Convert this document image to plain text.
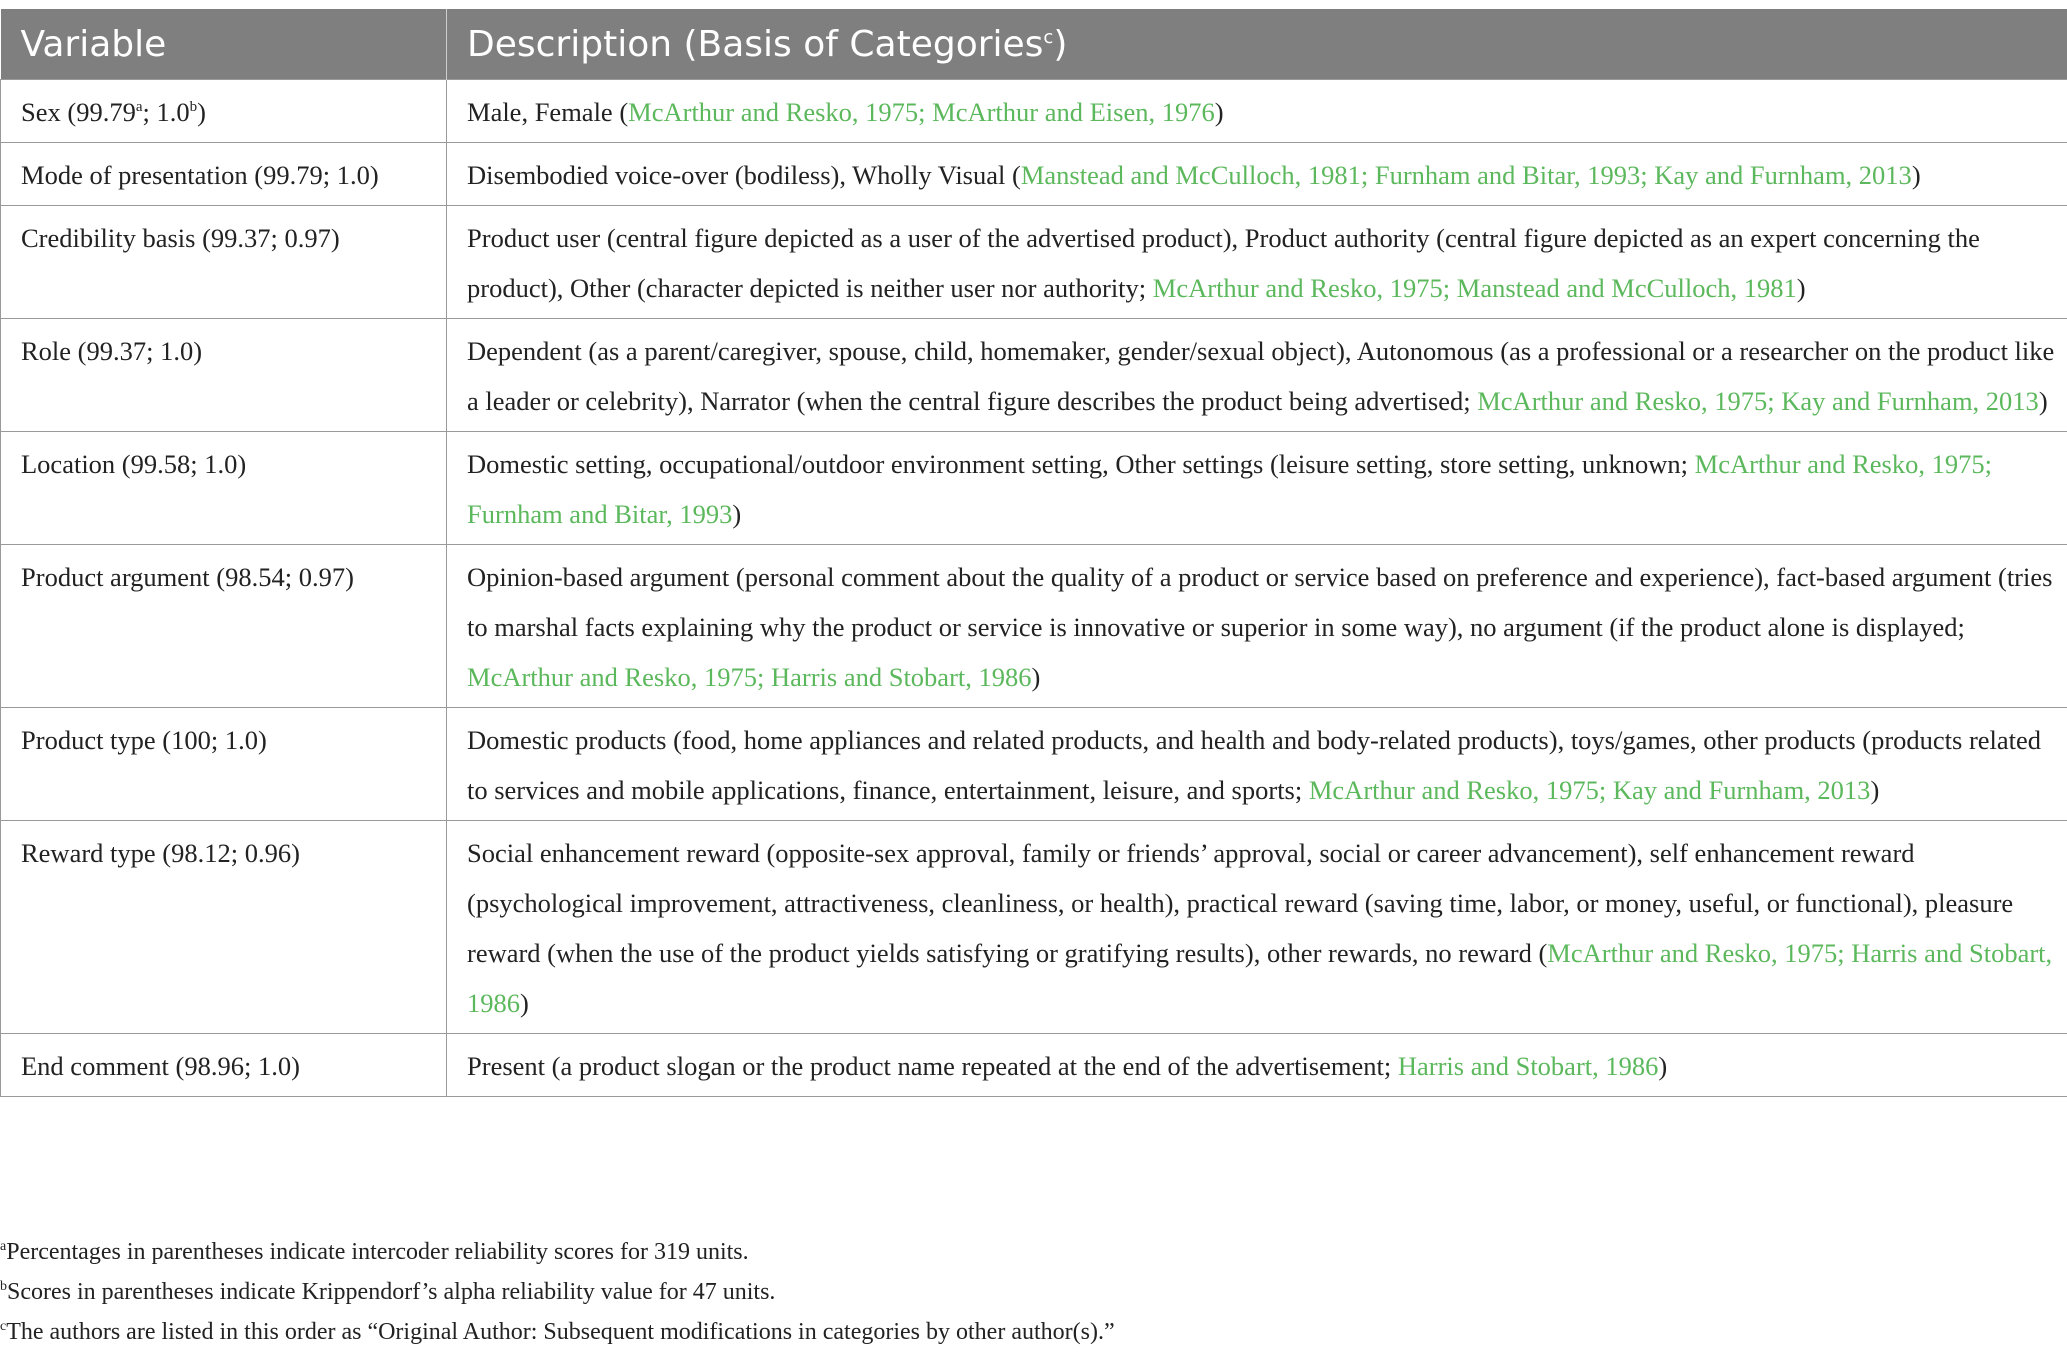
Variable	Description (Basis of Categories$^c$)
Sex (99.79$^a$; 1.0$^b$)	Male, Female (McArthur and Resko, 1975; McArthur and Eisen, 1976)
Mode of presentation (99.79; 1.0)	Disembodied voice-over (bodiless), Wholly Visual (Manstead and McCulloch, 1981; Furnham and Bitar, 1993; Kay and Furnham, 2013)
Credibility basis (99.37; 0.97)	Product user (central figure depicted as a user of the advertised product), Product authority (central figure depicted as an expert concerning the product), Other (character depicted is neither user nor authority; McArthur and Resko, 1975; Manstead and McCulloch, 1981)
Role (99.37; 1.0)	Dependent (as a parent/caregiver, spouse, child, homemaker, gender/sexual object), Autonomous (as a professional or a researcher on the product like a leader or celebrity), Narrator (when the central figure describes the product being advertised; McArthur and Resko, 1975; Kay and Furnham, 2013)
Location (99.58; 1.0)	Domestic setting, occupational/outdoor environment setting, Other settings (leisure setting, store setting, unknown; McArthur and Resko, 1975; Furnham and Bitar, 1993)
Product argument (98.54; 0.97)	Opinion-based argument (personal comment about the quality of a product or service based on preference and experience), fact-based argument (tries to marshal facts explaining why the product or service is innovative or superior in some way), no argument (if the product alone is displayed; McArthur and Resko, 1975; Harris and Stobart, 1986)
Product type (100; 1.0)	Domestic products (food, home appliances and related products, and health and body-related products), toys/games, other products (products related to services and mobile applications, finance, entertainment, leisure, and sports; McArthur and Resko, 1975; Kay and Furnham, 2013)
Reward type (98.12; 0.96)	Social enhancement reward (opposite-sex approval, family or friends’ approval, social or career advancement), self enhancement reward (psychological improvement, attractiveness, cleanliness, or health), practical reward (saving time, labor, or money, useful, or functional), pleasure reward (when the use of the product yields satisfying or gratifying results), other rewards, no reward (McArthur and Resko, 1975; Harris and Stobart, 1986)
End comment (98.96; 1.0)	Present (a product slogan or the product name repeated at the end of the advertisement; Harris and Stobart, 1986)
$^a$Percentages in parentheses indicate intercoder reliability scores for 319 units.
$^b$Scores in parentheses indicate Krippendorf’s alpha reliability value for 47 units.
$^c$The authors are listed in this order as “Original Author: Subsequent modifications in categories by other author(s).”
